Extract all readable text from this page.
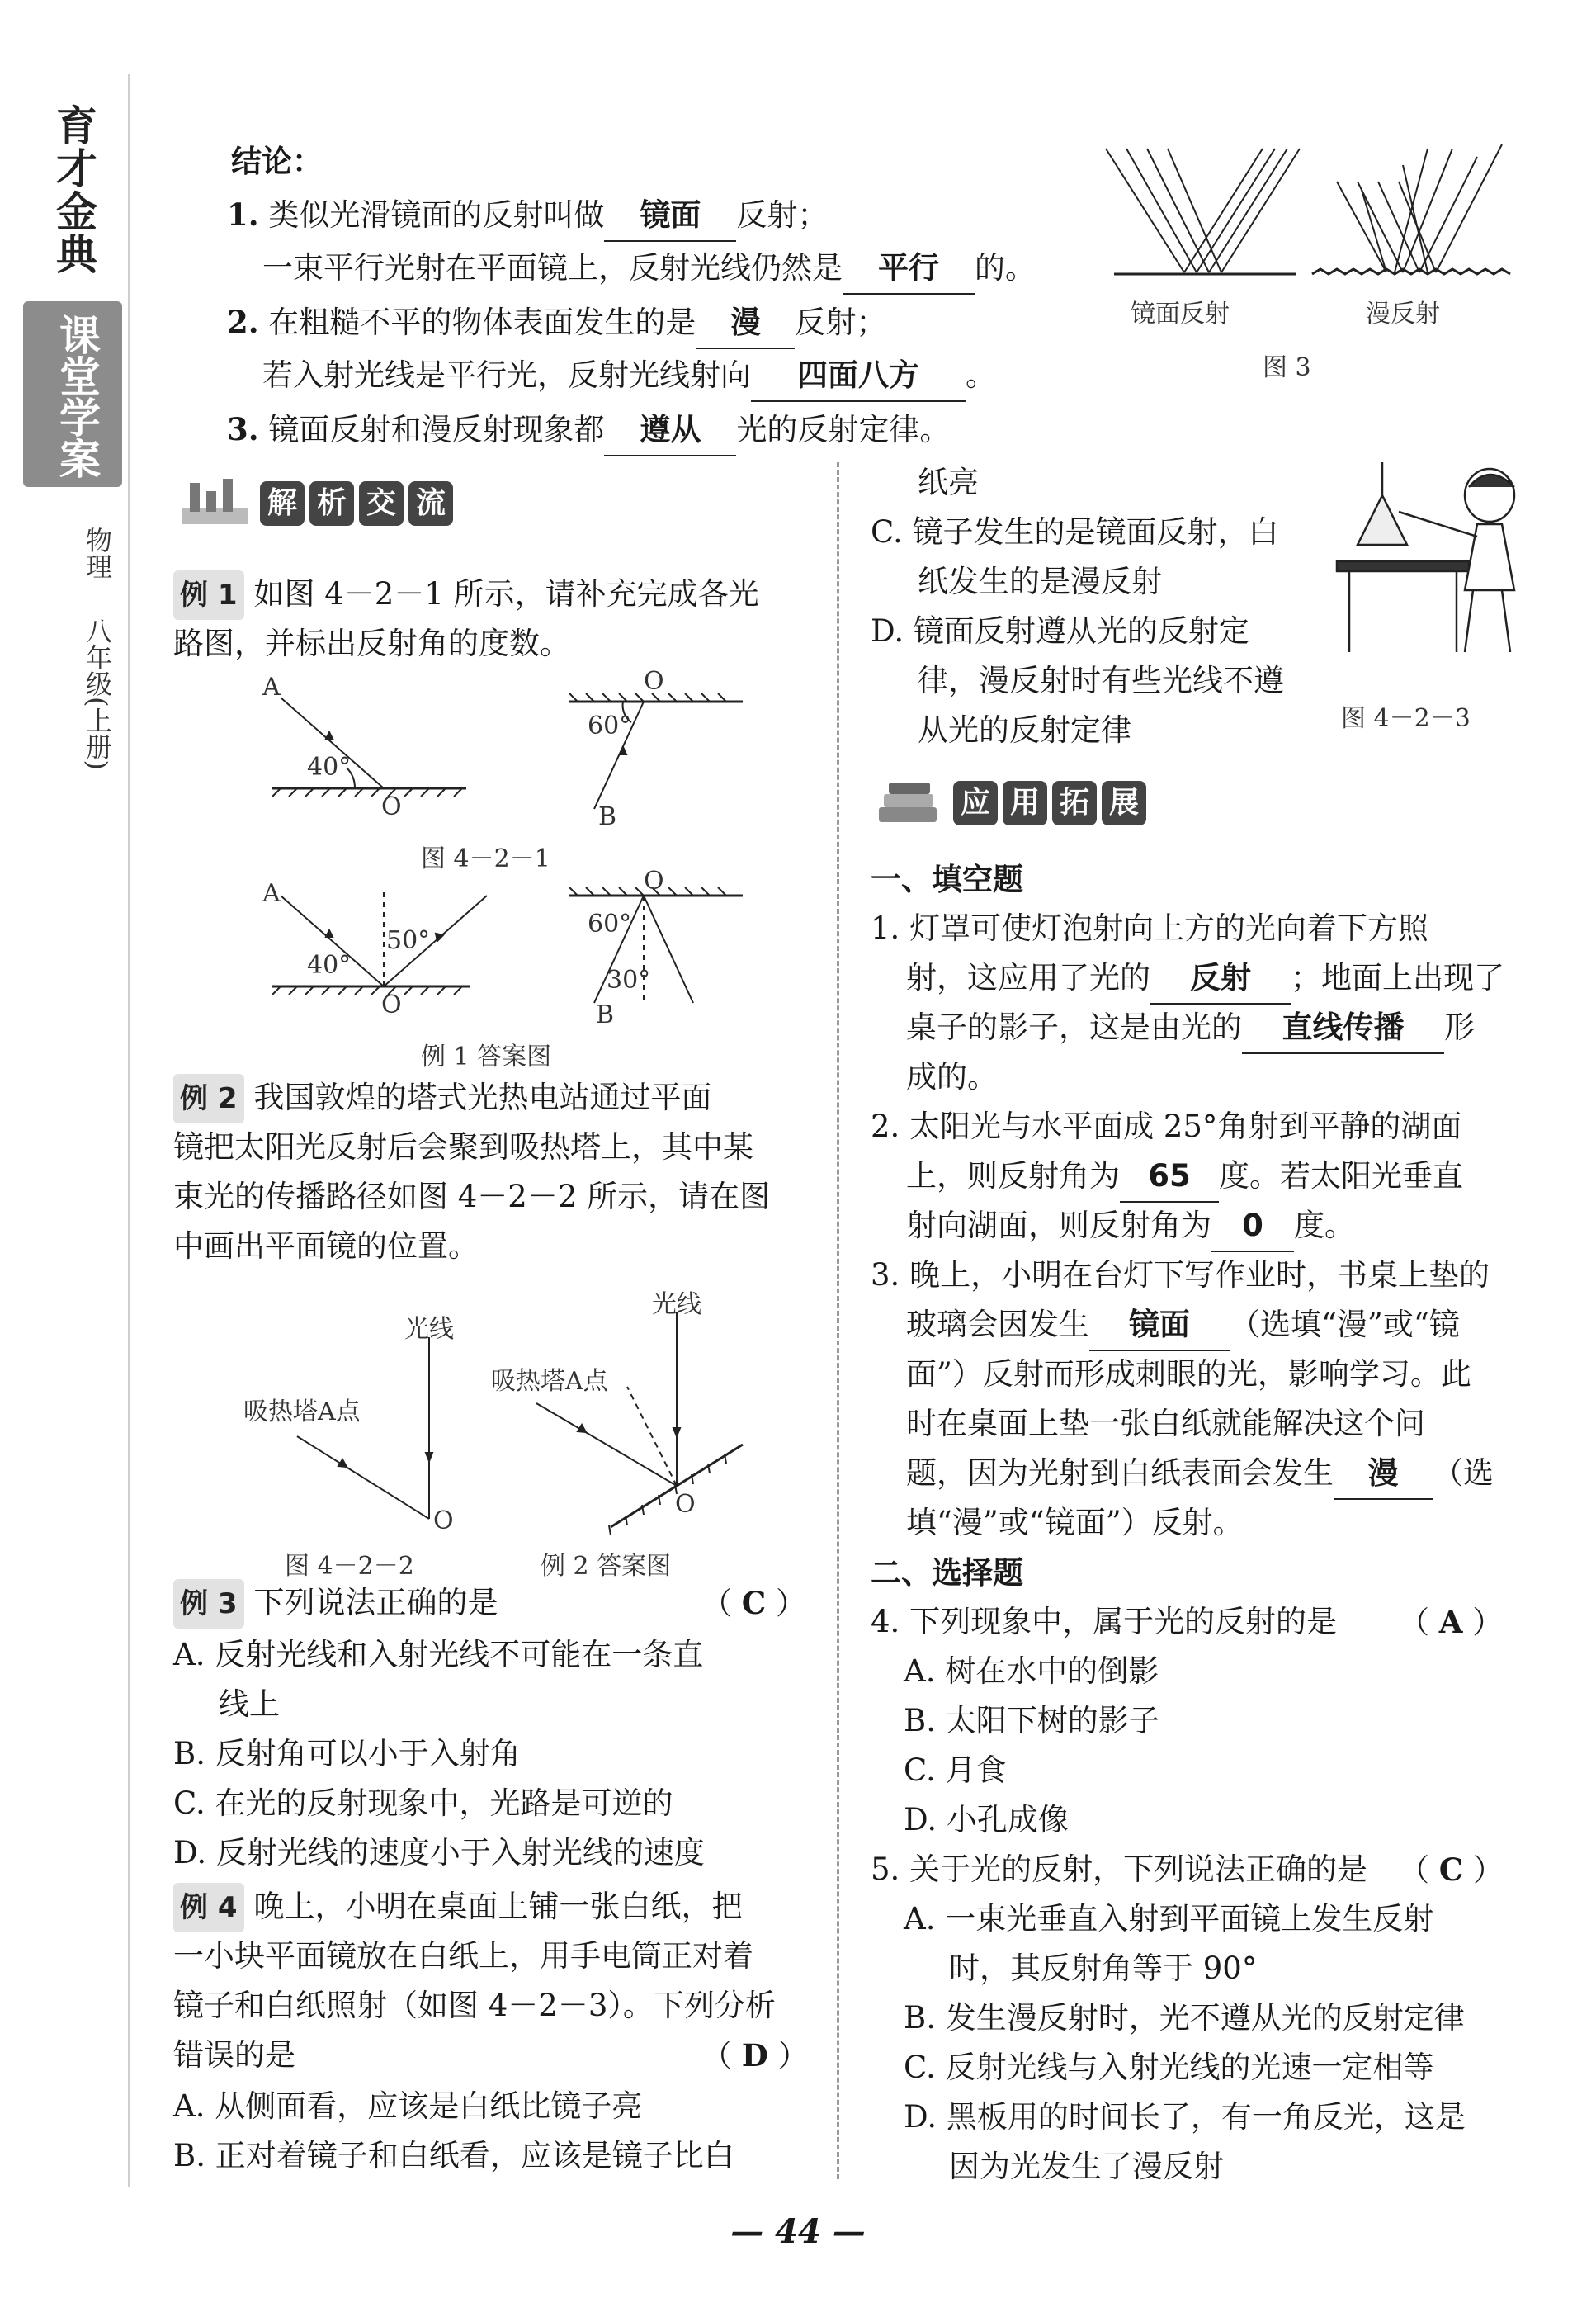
育才金典
课堂学案
物理
八年级(上册)
结论：
1. 类似光滑镜面的反射叫做 镜面 反射；
一束平行光射在平面镜上，反射光线仍然是 平行 的。
2. 在粗糙不平的物体表面发生的是 漫 反射；
若入射光线是平行光，反射光线射向 四面八方 。
3. 镜面反射和漫反射现象都 遵从 光的反射定律。
镜面反射	漫反射
图 3
解 析 交 流
例 1 如图 4－2－1 所示，请补充完成各光
路图，并标出反射角的度数。
A
40°
O
O
60°
B
图 4－2－1
A
50°
40°
O
O
60°
30°
B
例 1 答案图
例 2 我国敦煌的塔式光热电站通过平面
镜把太阳光反射后会聚到吸热塔上，其中某
束光的传播路径如图 4－2－2 所示，请在图
中画出平面镜的位置。
光线
吸热塔A点
O
光线
吸热塔A点
O
图 4－2－2	例 2 答案图
例 3 下列说法正确的是	（ C ）
A. 反射光线和入射光线不可能在一条直
线上
B. 反射角可以小于入射角
C. 在光的反射现象中，光路是可逆的
D. 反射光线的速度小于入射光线的速度
例 4 晚上，小明在桌面上铺一张白纸，把
一小块平面镜放在白纸上，用手电筒正对着
镜子和白纸照射（如图 4－2－3）。下列分析
错误的是	（ D ）
A. 从侧面看，应该是白纸比镜子亮
B. 正对着镜子和白纸看，应该是镜子比白
纸亮
C. 镜子发生的是镜面反射，白
纸发生的是漫反射
D. 镜面反射遵从光的反射定
律，漫反射时有些光线不遵
从光的反射定律	图 4－2－3
应 用 拓 展
一、填空题
1. 灯罩可使灯泡射向上方的光向着下方照
射，这应用了光的 反射 ；地面上出现了
桌子的影子，这是由光的 直线传播 形
成的。
2. 太阳光与水平面成 25°角射到平静的湖面
上，则反射角为 65 度。若太阳光垂直
射向湖面，则反射角为 0 度。
3. 晚上，小明在台灯下写作业时，书桌上垫的
玻璃会因发生 镜面 （选填“漫”或“镜
面”）反射而形成刺眼的光，影响学习。此
时在桌面上垫一张白纸就能解决这个问
题，因为光射到白纸表面会发生 漫 （选
填“漫”或“镜面”）反射。
二、选择题
4. 下列现象中，属于光的反射的是 （ A ）
A. 树在水中的倒影
B. 太阳下树的影子
C. 月食
D. 小孔成像
5. 关于光的反射，下列说法正确的是 （ C ）
A. 一束光垂直入射到平面镜上发生反射
时，其反射角等于 90°
B. 发生漫反射时，光不遵从光的反射定律
C. 反射光线与入射光线的光速一定相等
D. 黑板用的时间长了，有一角反光，这是
因为光发生了漫反射
— 44 —
